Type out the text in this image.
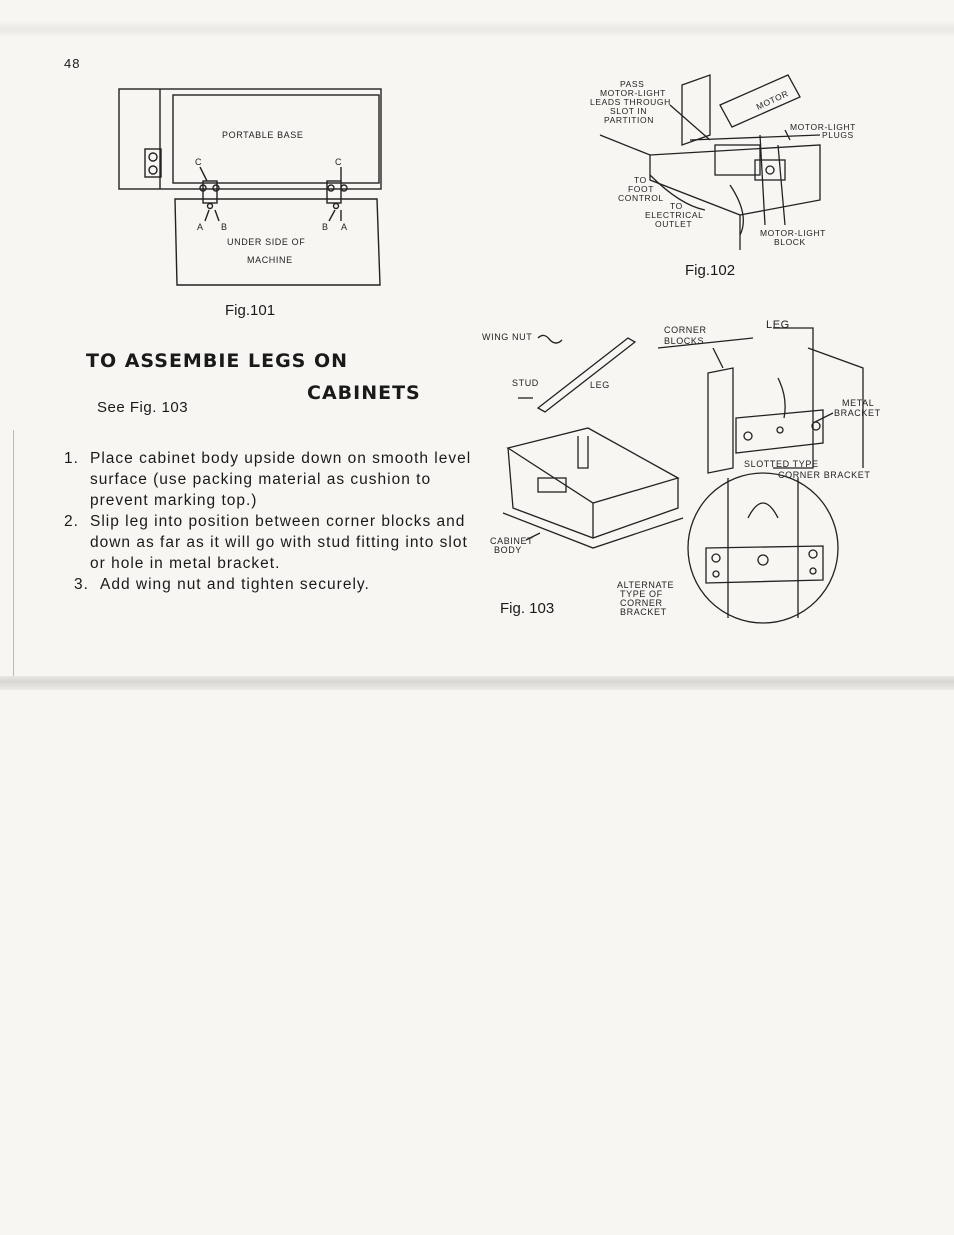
48
PORTABLE BASE
C	C
A B	B A
UNDER SIDE OF
MACHINE
Fig.101
PASS
MOTOR-LIGHT
LEADS THROUGH
SLOT IN
PARTITION
MOTOR
MOTOR-LIGHT
PLUGS
TO
FOOT
CONTROL
TO
ELECTRICAL
OUTLET
MOTOR-LIGHT
BLOCK
Fig.102
TO ASSEMBIE LEGS ON
CABINETS
See Fig. 103
1. Place cabinet body upside down on smooth level surface (use packing material as cushion to prevent marking top.)
2. Slip leg into position between corner blocks and down as far as it will go with stud fitting into slot or hole in metal bracket.
3. Add wing nut and tighten securely.
WING NUT
STUD	LEG
CABINET
BODY
CORNER
BLOCKS
LEG
METAL
BRACKET
SLOTTED TYPE
CORNER BRACKET
ALTERNATE
TYPE OF
CORNER
BRACKET
Fig. 103
